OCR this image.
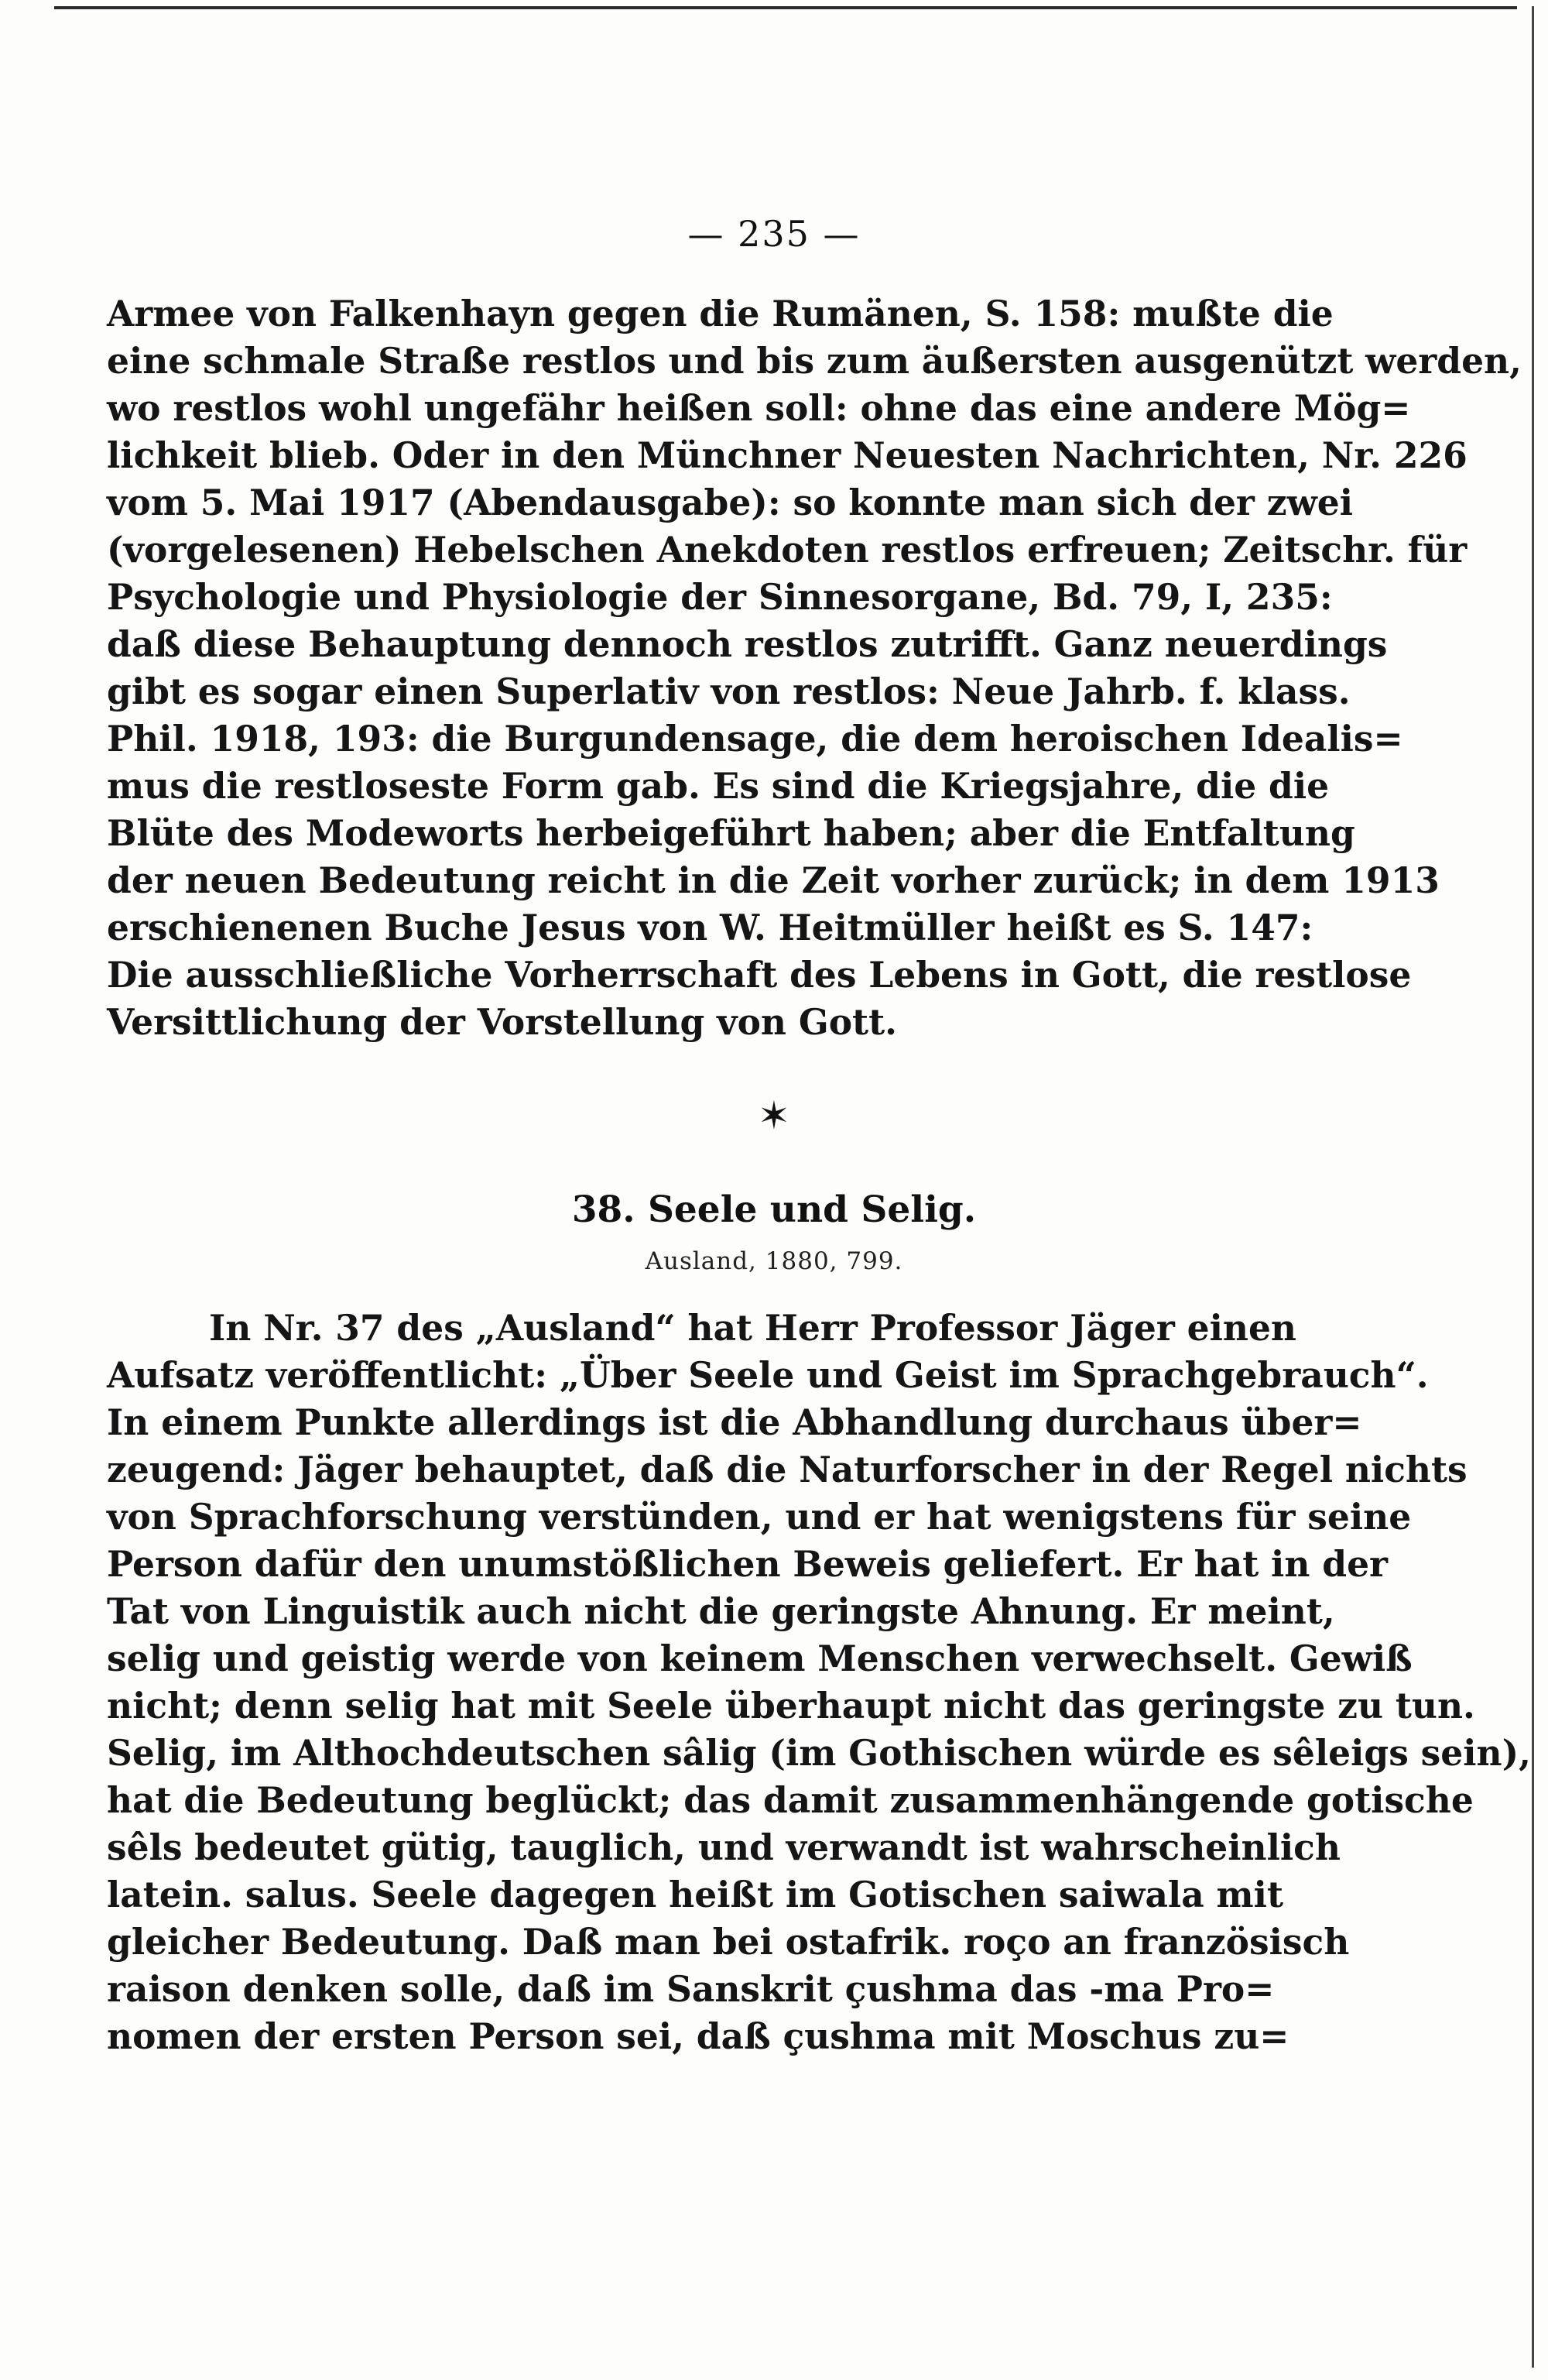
— 235 —
Armee von Falkenhayn gegen die Rumänen, S. 158: mußte die
eine schmale Straße restlos und bis zum äußersten ausgenützt werden,
wo restlos wohl ungefähr heißen soll: ohne das eine andere Mög=
lichkeit blieb. Oder in den Münchner Neuesten Nachrichten, Nr. 226
vom 5. Mai 1917 (Abendausgabe): so konnte man sich der zwei
(vorgelesenen) Hebelschen Anekdoten restlos erfreuen; Zeitschr. für
Psychologie und Physiologie der Sinnesorgane, Bd. 79, I, 235:
daß diese Behauptung dennoch restlos zutrifft. Ganz neuerdings
gibt es sogar einen Superlativ von restlos: Neue Jahrb. f. klass.
Phil. 1918, 193: die Burgundensage, die dem heroischen Idealis=
mus die restloseste Form gab. Es sind die Kriegsjahre, die die
Blüte des Modeworts herbeigeführt haben; aber die Entfaltung
der neuen Bedeutung reicht in die Zeit vorher zurück; in dem 1913
erschienenen Buche Jesus von W. Heitmüller heißt es S. 147:
Die ausschließliche Vorherrschaft des Lebens in Gott, die restlose
Versittlichung der Vorstellung von Gott.
✶
38. Seele und Selig.
Ausland, 1880, 799.
In Nr. 37 des „Ausland“ hat Herr Professor Jäger einen
Aufsatz veröffentlicht: „Über Seele und Geist im Sprachgebrauch“.
In einem Punkte allerdings ist die Abhandlung durchaus über=
zeugend: Jäger behauptet, daß die Naturforscher in der Regel nichts
von Sprachforschung verstünden, und er hat wenigstens für seine
Person dafür den unumstößlichen Beweis geliefert. Er hat in der
Tat von Linguistik auch nicht die geringste Ahnung. Er meint,
selig und geistig werde von keinem Menschen verwechselt. Gewiß
nicht; denn selig hat mit Seele überhaupt nicht das geringste zu tun.
Selig, im Althochdeutschen sâlig (im Gothischen würde es sêleigs sein),
hat die Bedeutung beglückt; das damit zusammenhängende gotische
sêls bedeutet gütig, tauglich, und verwandt ist wahrscheinlich
latein. salus. Seele dagegen heißt im Gotischen saiwala mit
gleicher Bedeutung. Daß man bei ostafrik. roço an französisch
raison denken solle, daß im Sanskrit çushma das -ma Pro=
nomen der ersten Person sei, daß çushma mit Moschus zu=
